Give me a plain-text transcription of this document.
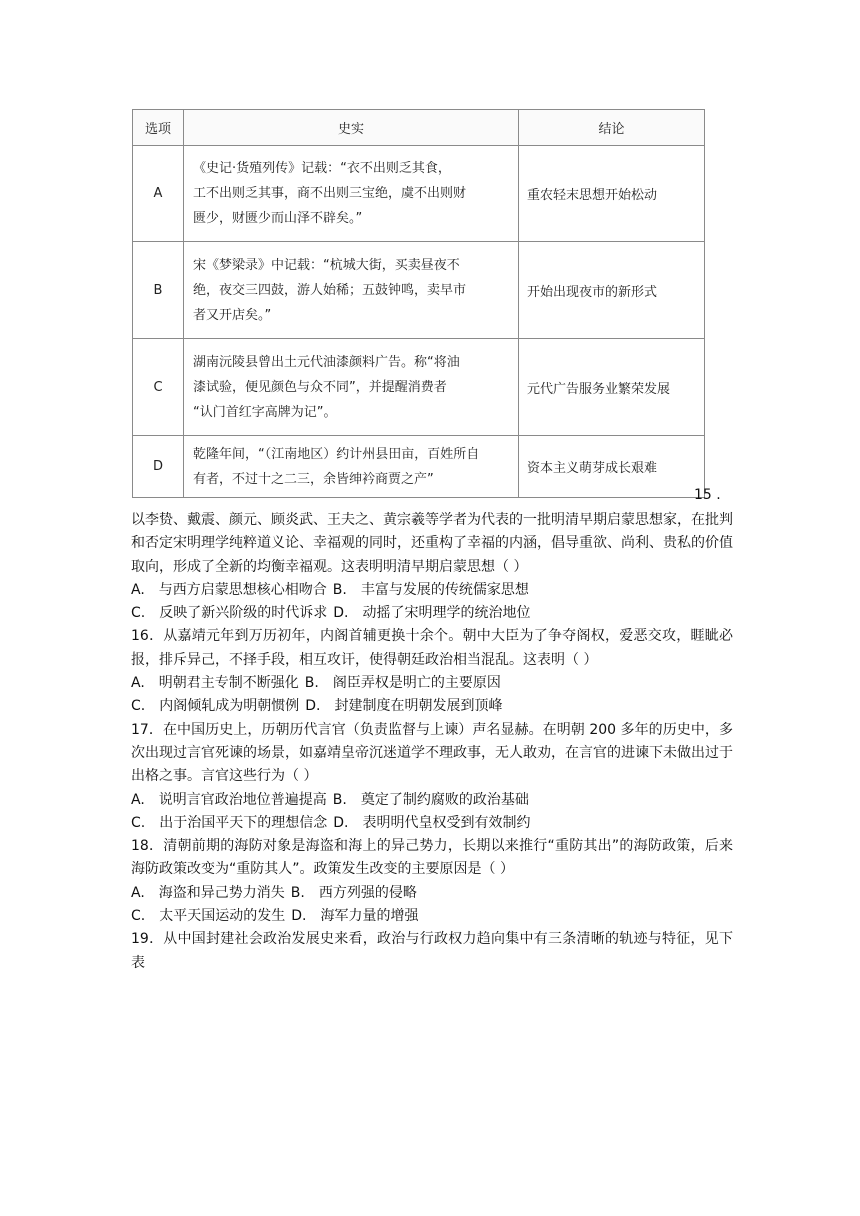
选项	史实	结论
A	《史记·货殖列传》记载：“衣不出则乏其食，
工不出则乏其事，商不出则三宝绝，虞不出则财
匮少，财匮少而山泽不辟矣。”	重农轻末思想开始松动
B	宋《梦梁录》中记载：“杭城大街，买卖昼夜不
绝，夜交三四鼓，游人始稀；五鼓钟鸣，卖早市
者又开店矣。”	开始出现夜市的新形式
C	湖南沅陵县曾出土元代油漆颜料广告。称“将油
漆试验，便见颜色与众不同”，并提醒消费者
“认门首红字高牌为记”。	元代广告服务业繁荣发展
D	乾隆年间，“（江南地区）约计州县田亩，百姓所自
有者，不过十之二三，余皆绅衿商贾之产”	资本主义萌芽成长艰难
15 .

以李贽、戴震、颜元、顾炎武、王夫之、黄宗羲等学者为代表的一批明清早期启蒙思想家，在批判和否定宋明理学纯粹道义论、幸福观的同时，还重构了幸福的内涵，倡导重欲、尚利、贵私的价值取向，形成了全新的均衡幸福观。这表明明清早期启蒙思想（ ）

A.　与西方启蒙思想核心相吻合 B.　丰富与发展的传统儒家思想
C.　反映了新兴阶级的时代诉求 D.　动摇了宋明理学的统治地位

16．从嘉靖元年到万历初年，内阁首辅更换十余个。朝中大臣为了争夺阁权，爱恶交攻，睚眦必报，排斥异己，不择手段，相互攻讦，使得朝廷政治相当混乱。这表明（ ）

A.　明朝君主专制不断强化 B.　阁臣弄权是明亡的主要原因
C.　内阁倾轧成为明朝惯例 D.　封建制度在明朝发展到顶峰

17．在中国历史上，历朝历代言官（负责监督与上谏）声名显赫。在明朝 200 多年的历史中，多次出现过言官死谏的场景，如嘉靖皇帝沉迷道学不理政事，无人敢劝，在言官的进谏下未做出过于出格之事。言官这些行为（ ）

A.　说明言官政治地位普遍提高 B.　奠定了制约腐败的政治基础
C.　出于治国平天下的理想信念 D.　表明明代皇权受到有效制约

18．清朝前期的海防对象是海盗和海上的异己势力，长期以来推行“重防其出”的海防政策，后来海防政策改变为“重防其人”。政策发生改变的主要原因是（ ）

A.　海盗和异己势力消失 B.　西方列强的侵略
C.　太平天国运动的发生 D.　海军力量的增强

19．从中国封建社会政治发展史来看，政治与行政权力趋向集中有三条清晰的轨迹与特征，见下表
